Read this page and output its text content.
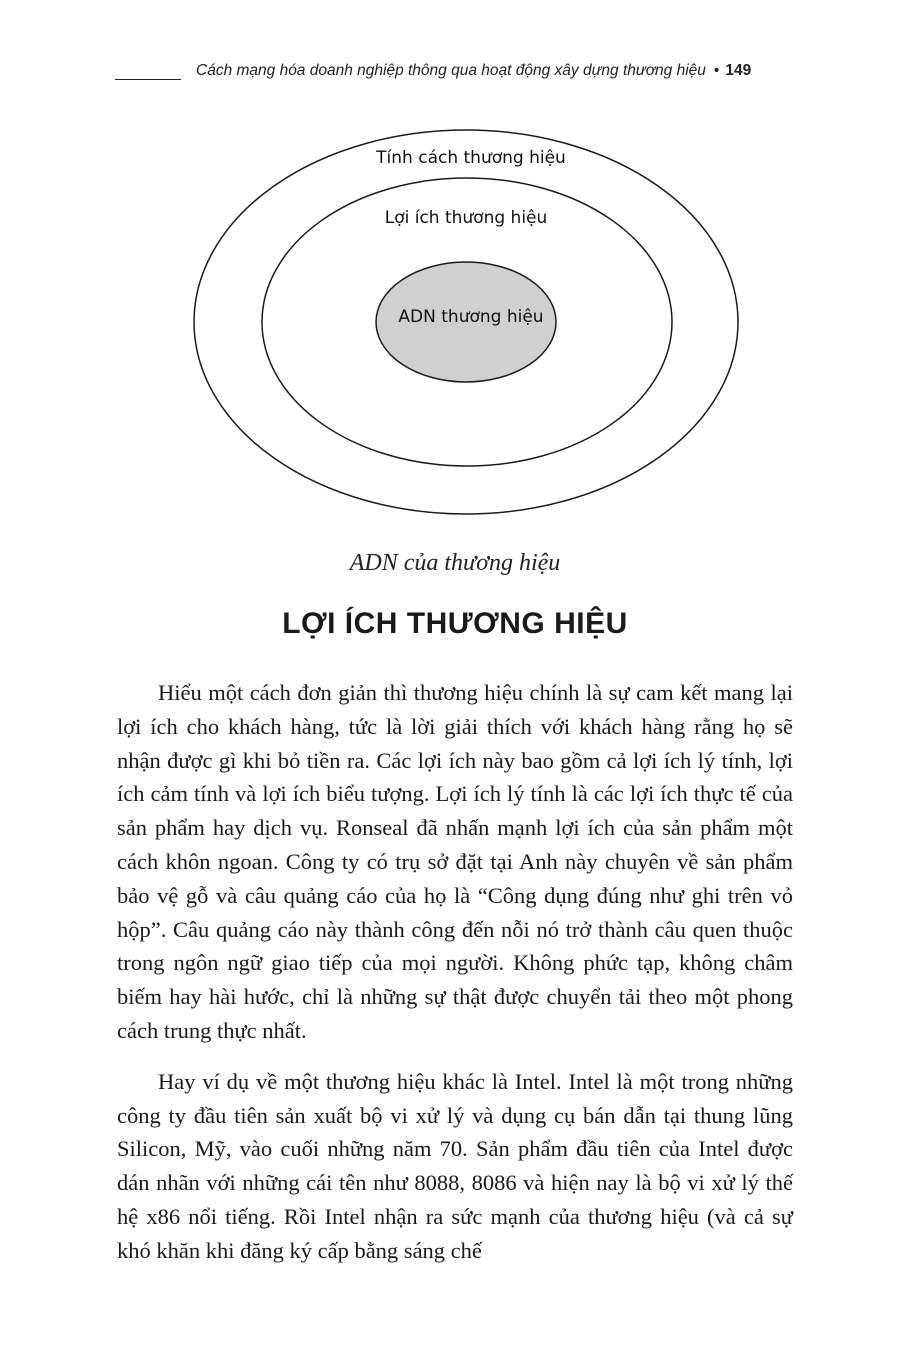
Cách mạng hóa doanh nghiệp thông qua hoạt động xây dựng thương hiệu • 149
Tính cách thương hiệu
Lợi ích thương hiệu
ADN thương hiệu
ADN của thương hiệu
LỢI ÍCH THƯƠNG HIỆU

Hiểu một cách đơn giản thì thương hiệu chính là sự cam kết mang lại lợi ích cho khách hàng, tức là lời giải thích với khách hàng rằng họ sẽ nhận được gì khi bỏ tiền ra. Các lợi ích này bao gồm cả lợi ích lý tính, lợi ích cảm tính và lợi ích biểu tượng. Lợi ích lý tính là các lợi ích thực tế của sản phẩm hay dịch vụ. Ronseal đã nhấn mạnh lợi ích của sản phẩm một cách khôn ngoan. Công ty có trụ sở đặt tại Anh này chuyên về sản phẩm bảo vệ gỗ và câu quảng cáo của họ là “Công dụng đúng như ghi trên vỏ hộp”. Câu quảng cáo này thành công đến nỗi nó trở thành câu quen thuộc trong ngôn ngữ giao tiếp của mọi người. Không phức tạp, không châm biếm hay hài hước, chỉ là những sự thật được chuyển tải theo một phong cách trung thực nhất.

Hay ví dụ về một thương hiệu khác là Intel. Intel là một trong những công ty đầu tiên sản xuất bộ vi xử lý và dụng cụ bán dẫn tại thung lũng Silicon, Mỹ, vào cuối những năm 70. Sản phẩm đầu tiên của Intel được dán nhãn với những cái tên như 8088, 8086 và hiện nay là bộ vi xử lý thế hệ x86 nổi tiếng. Rồi Intel nhận ra sức mạnh của thương hiệu (và cả sự khó khăn khi đăng ký cấp bằng sáng chế
